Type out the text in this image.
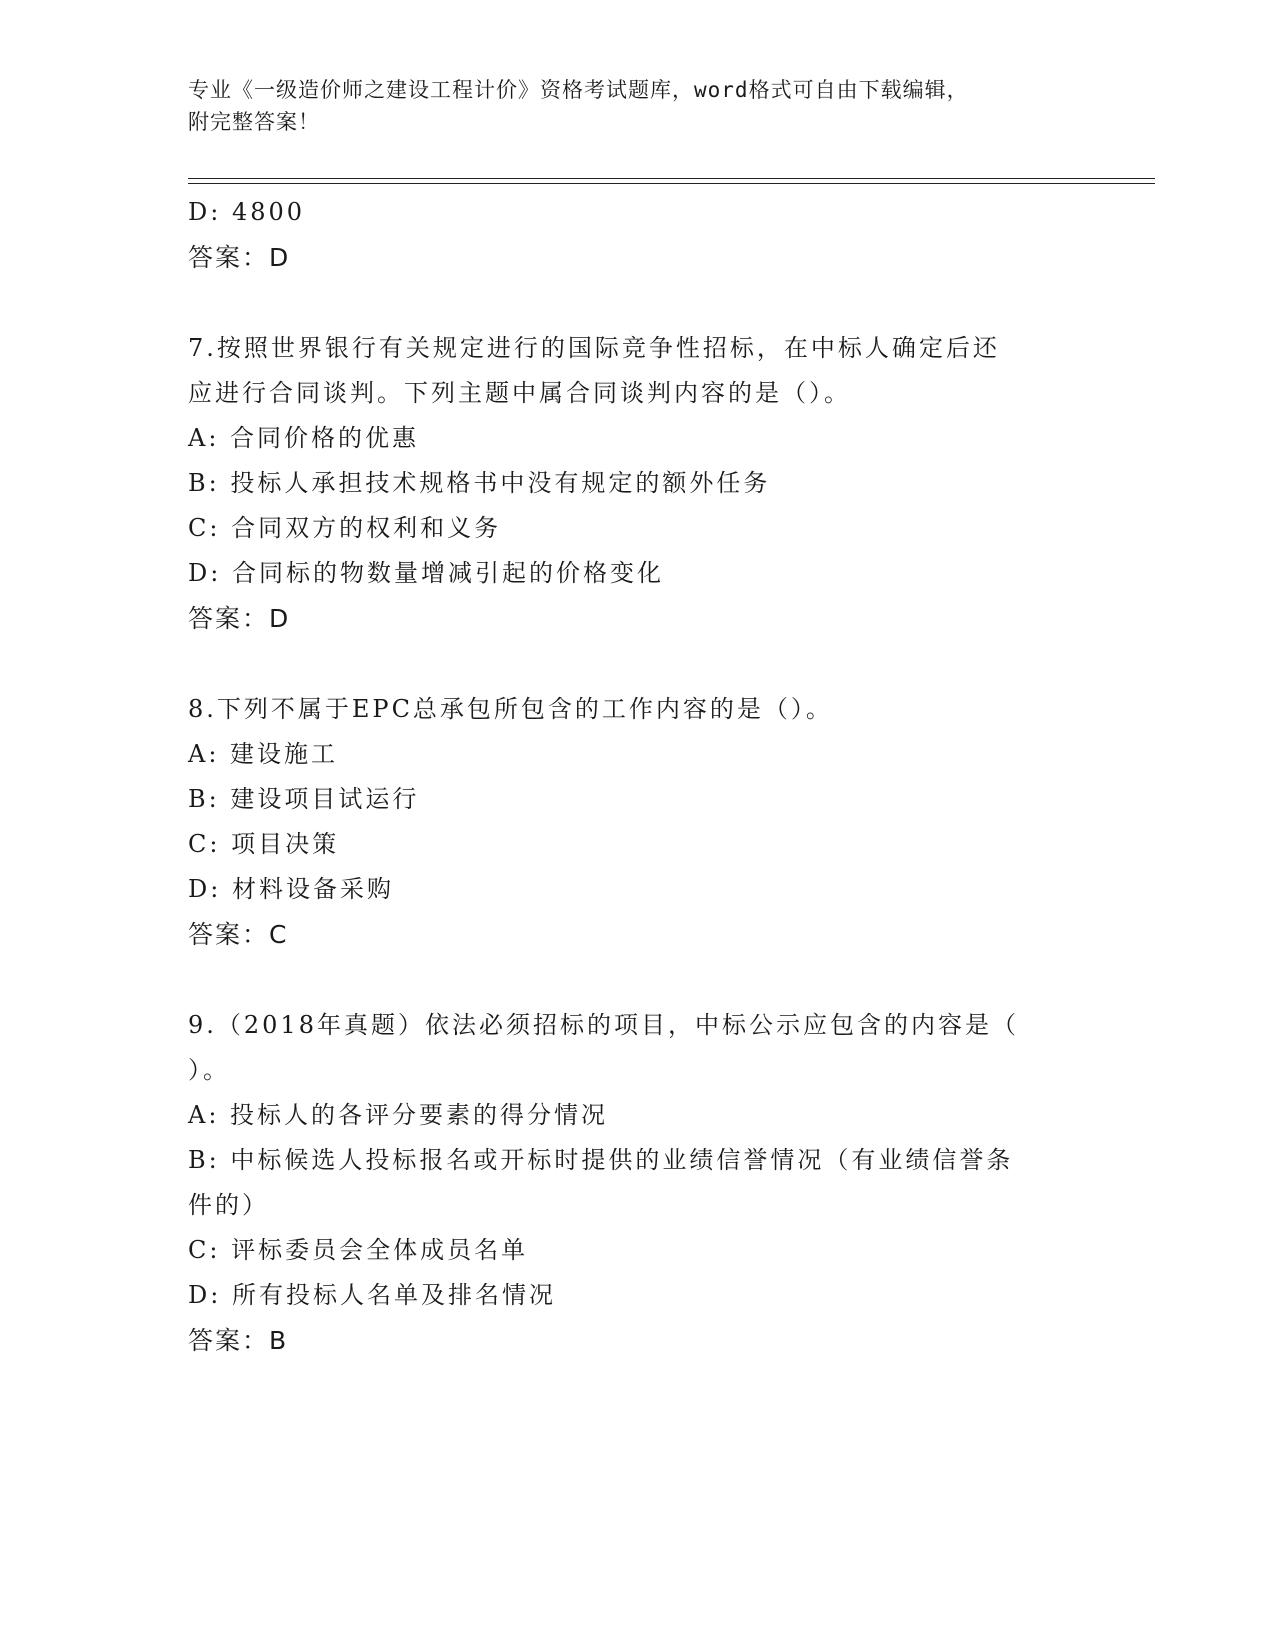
专业《一级造价师之建设工程计价》资格考试题库，word格式可自由下载编辑，
附完整答案！
D: 4800
答案：D
7.按照世界银行有关规定进行的国际竞争性招标，在中标人确定后还
应进行合同谈判。下列主题中属合同谈判内容的是（）。
A: 合同价格的优惠
B: 投标人承担技术规格书中没有规定的额外任务
C: 合同双方的权利和义务
D: 合同标的物数量增减引起的价格变化
答案：D
8.下列不属于EPC总承包所包含的工作内容的是（）。
A: 建设施工
B: 建设项目试运行
C: 项目决策
D: 材料设备采购
答案：C
9.（2018年真题）依法必须招标的项目，中标公示应包含的内容是（
）。
A: 投标人的各评分要素的得分情况
B: 中标候选人投标报名或开标时提供的业绩信誉情况（有业绩信誉条
件的）
C: 评标委员会全体成员名单
D: 所有投标人名单及排名情况
答案：B
